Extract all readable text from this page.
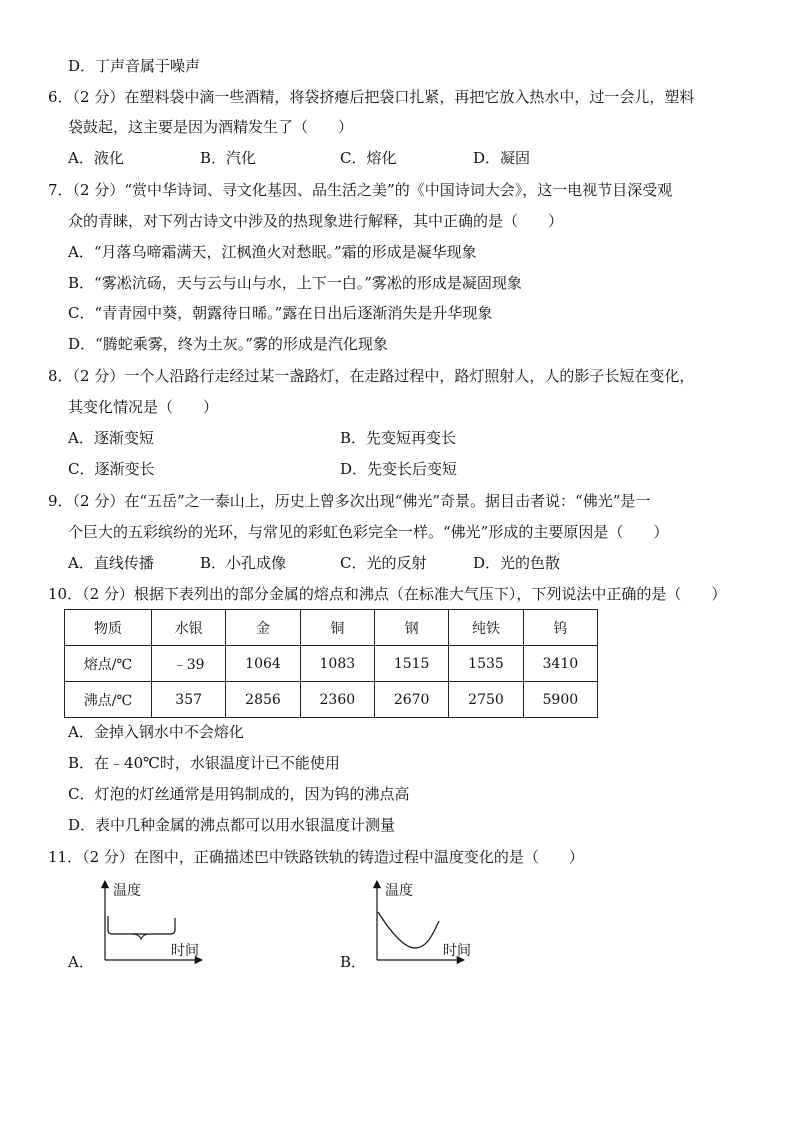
D．丁声音属于噪声
6．（2 分）在塑料袋中滴一些酒精，将袋挤瘪后把袋口扎紧，再把它放入热水中，过一会儿，塑料
袋鼓起，这主要是因为酒精发生了（　　）
A．液化	B．汽化	C．熔化	D．凝固
7．（2 分）“赏中华诗词、寻文化基因、品生活之美”的《中国诗词大会》，这一电视节目深受观
众的青睐，对下列古诗文中涉及的热现象进行解释，其中正确的是（　　）
A．“月落乌啼霜满天，江枫渔火对愁眠。”霜的形成是凝华现象
B．“雾凇沆砀，天与云与山与水，上下一白。”雾凇的形成是凝固现象
C．“青青园中葵，朝露待日晞。”露在日出后逐渐消失是升华现象
D．“腾蛇乘雾，终为土灰。”雾的形成是汽化现象
8．（2 分）一个人沿路行走经过某一盏路灯，在走路过程中，路灯照射人，人的影子长短在变化，
其变化情况是（　　）
A．逐渐变短	B．先变短再变长
C．逐渐变长	D．先变长后变短
9．（2 分）在“五岳”之一泰山上，历史上曾多次出现“佛光”奇景。据目击者说：“佛光”是一
个巨大的五彩缤纷的光环，与常见的彩虹色彩完全一样。“佛光”形成的主要原因是（　　）
A．直线传播	B．小孔成像	C．光的反射	D．光的色散
10．（2 分）根据下表列出的部分金属的熔点和沸点（在标准大气压下），下列说法中正确的是（　　）
物质	水银	金	铜	钢	纯铁	钨
熔点/℃	﹣39	1064	1083	1515	1535	3410
沸点/℃	357	2856	2360	2670	2750	5900
A．金掉入钢水中不会熔化
B．在﹣40℃时，水银温度计已不能使用
C．灯泡的灯丝通常是用钨制成的，因为钨的沸点高
D．表中几种金属的沸点都可以用水银温度计测量
11．（2 分）在图中，正确描述巴中铁路铁轨的铸造过程中温度变化的是（　　）
A．
温度
时间
B．
温度
时间
